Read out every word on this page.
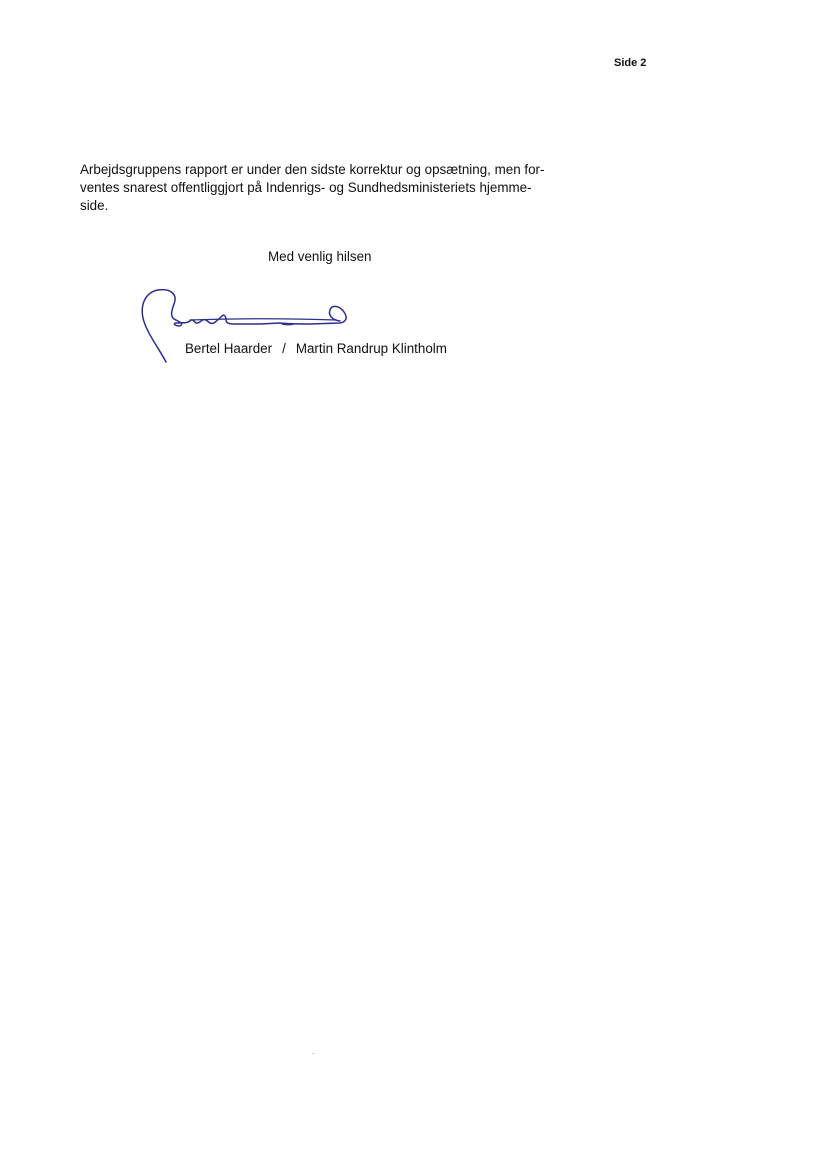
Side 2
Arbejdsgruppens rapport er under den sidste korrektur og opsætning, men for-
ventes snarest offentliggjort på Indenrigs- og Sundhedsministeriets hjemme-
side.
Med venlig hilsen
Bertel Haarder / Martin Randrup Klintholm
